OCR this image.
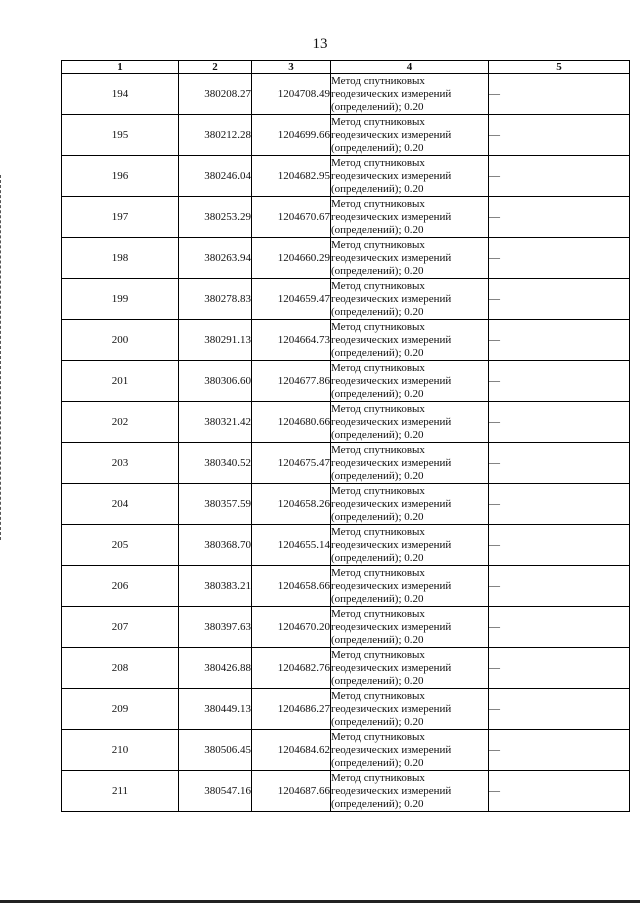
13
1	2	3	4	5
194	380208.27	1204708.49	Метод спутниковых
геодезических измерений
(определений); 0.20	—
195	380212.28	1204699.66	Метод спутниковых
геодезических измерений
(определений); 0.20	—
196	380246.04	1204682.95	Метод спутниковых
геодезических измерений
(определений); 0.20	—
197	380253.29	1204670.67	Метод спутниковых
геодезических измерений
(определений); 0.20	—
198	380263.94	1204660.29	Метод спутниковых
геодезических измерений
(определений); 0.20	—
199	380278.83	1204659.47	Метод спутниковых
геодезических измерений
(определений); 0.20	—
200	380291.13	1204664.73	Метод спутниковых
геодезических измерений
(определений); 0.20	—
201	380306.60	1204677.86	Метод спутниковых
геодезических измерений
(определений); 0.20	—
202	380321.42	1204680.66	Метод спутниковых
геодезических измерений
(определений); 0.20	—
203	380340.52	1204675.47	Метод спутниковых
геодезических измерений
(определений); 0.20	—
204	380357.59	1204658.26	Метод спутниковых
геодезических измерений
(определений); 0.20	—
205	380368.70	1204655.14	Метод спутниковых
геодезических измерений
(определений); 0.20	—
206	380383.21	1204658.66	Метод спутниковых
геодезических измерений
(определений); 0.20	—
207	380397.63	1204670.20	Метод спутниковых
геодезических измерений
(определений); 0.20	—
208	380426.88	1204682.76	Метод спутниковых
геодезических измерений
(определений); 0.20	—
209	380449.13	1204686.27	Метод спутниковых
геодезических измерений
(определений); 0.20	—
210	380506.45	1204684.62	Метод спутниковых
геодезических измерений
(определений); 0.20	—
211	380547.16	1204687.66	Метод спутниковых
геодезических измерений
(определений); 0.20	—
